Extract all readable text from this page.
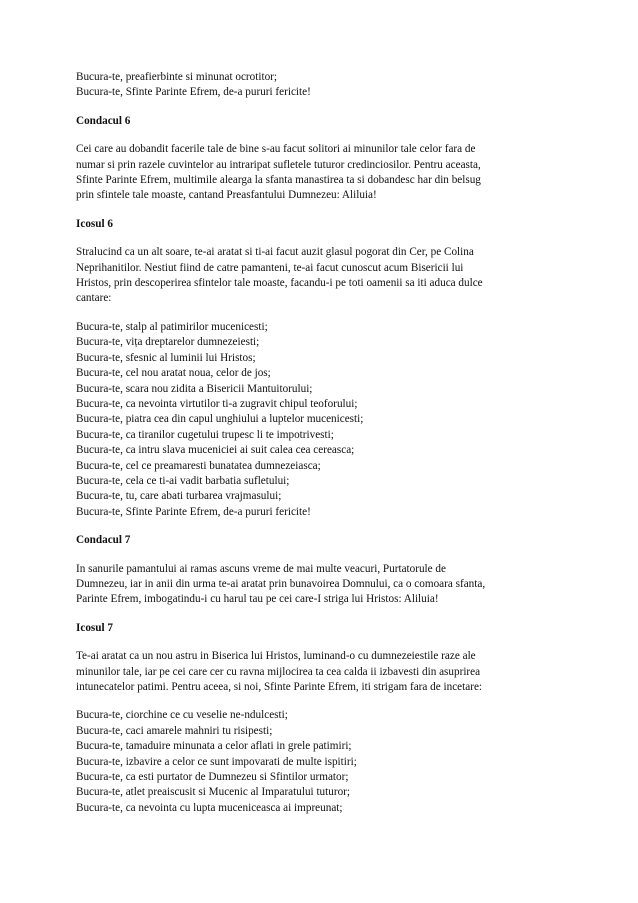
Bucura-te, preafierbinte si minunat ocrotitor;
Bucura-te, Sfinte Parinte Efrem, de-a pururi fericite!
Condacul 6
Cei care au dobandit facerile tale de bine s-au facut solitori ai minunilor tale celor fara de
numar si prin razele cuvintelor au intraripat sufletele tuturor credinciosilor. Pentru aceasta,
Sfinte Parinte Efrem, multimile alearga la sfanta manastirea ta si dobandesc har din belsug
prin sfintele tale moaste, cantand Preasfantului Dumnezeu: Aliluia!
Icosul 6
Stralucind ca un alt soare, te-ai aratat si ti-ai facut auzit glasul pogorat din Cer, pe Colina
Neprihanitilor. Nestiut fiind de catre pamanteni, te-ai facut cunoscut acum Bisericii lui
Hristos, prin descoperirea sfintelor tale moaste, facandu-i pe toti oamenii sa iti aduca dulce
cantare:
Bucura-te, stalp al patimirilor mucenicesti;
Bucura-te, vița dreptarelor dumnezeiesti;
Bucura-te, sfesnic al luminii lui Hristos;
Bucura-te, cel nou aratat noua, celor de jos;
Bucura-te, scara nou zidita a Bisericii Mantuitorului;
Bucura-te, ca nevointa virtutilor ti-a zugravit chipul teoforului;
Bucura-te, piatra cea din capul unghiului a luptelor mucenicesti;
Bucura-te, ca tiranilor cugetului trupesc li te impotrivesti;
Bucura-te, ca intru slava muceniciei ai suit calea cea cereasca;
Bucura-te, cel ce preamaresti bunatatea dumnezeiasca;
Bucura-te, cela ce ti-ai vadit barbatia sufletului;
Bucura-te, tu, care abati turbarea vrajmasului;
Bucura-te, Sfinte Parinte Efrem, de-a pururi fericite!
Condacul 7
In sanurile pamantului ai ramas ascuns vreme de mai multe veacuri, Purtatorule de
Dumnezeu, iar in anii din urma te-ai aratat prin bunavoirea Domnului, ca o comoara sfanta,
Parinte Efrem, imbogatindu-i cu harul tau pe cei care-I striga lui Hristos: Aliluia!
Icosul 7
Te-ai aratat ca un nou astru in Biserica lui Hristos, luminand-o cu dumnezeiestile raze ale
minunilor tale, iar pe cei care cer cu ravna mijlocirea ta cea calda ii izbavesti din asuprirea
intunecatelor patimi. Pentru aceea, si noi, Sfinte Parinte Efrem, iti strigam fara de incetare:
Bucura-te, ciorchine ce cu veselie ne-ndulcesti;
Bucura-te, caci amarele mahniri tu risipesti;
Bucura-te, tamaduire minunata a celor aflati in grele patimiri;
Bucura-te, izbavire a celor ce sunt impovarati de multe ispitiri;
Bucura-te, ca esti purtator de Dumnezeu si Sfintilor urmator;
Bucura-te, atlet preaiscusit si Mucenic al Imparatului tuturor;
Bucura-te, ca nevointa cu lupta muceniceasca ai impreunat;
